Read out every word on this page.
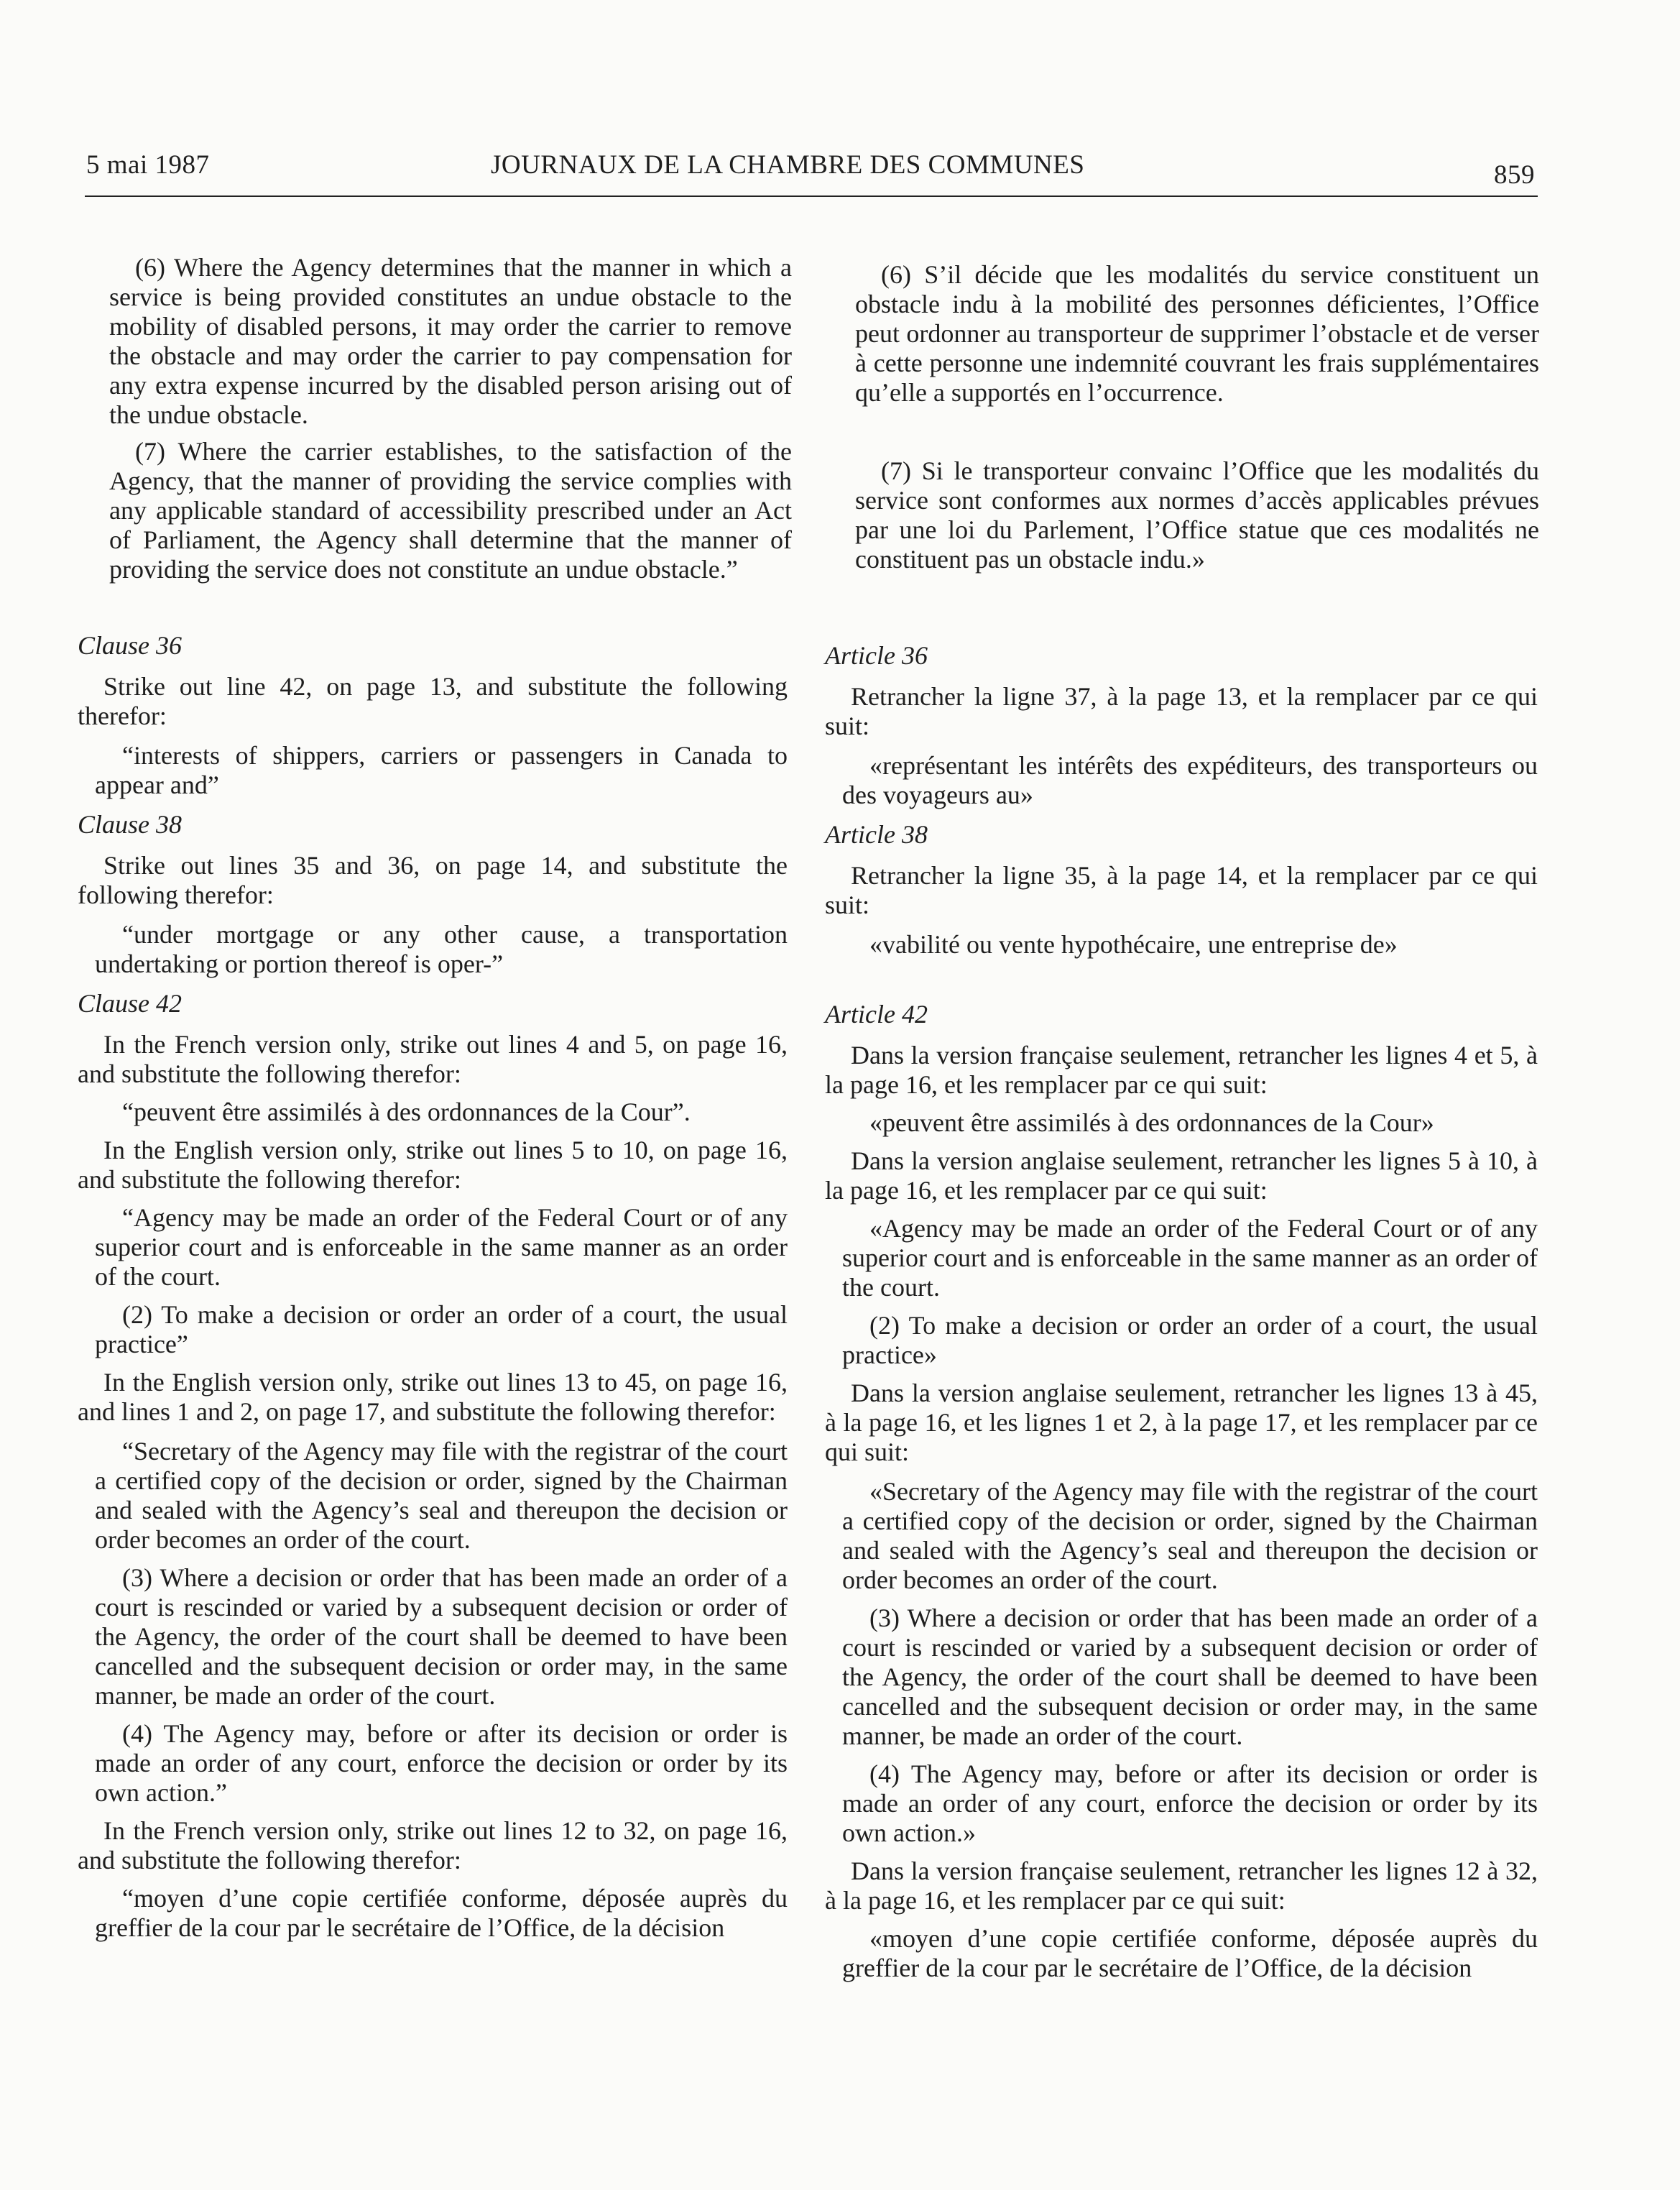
5 mai 1987	JOURNAUX DE LA CHAMBRE DES COMMUNES	859

(6) Where the Agency determines that the manner in which a service is being provided constitutes an undue obstacle to the mobility of disabled persons, it may order the carrier to remove the obstacle and may order the carrier to pay compensation for any extra expense incurred by the disabled person arising out of the undue obstacle.

(7) Where the carrier establishes, to the satisfaction of the Agency, that the manner of providing the service complies with any applicable standard of accessibility prescribed under an Act of Parliament, the Agency shall determine that the manner of providing the service does not constitute an undue obstacle.”

Clause 36

Strike out line 42, on page 13, and substitute the following therefor:

“interests of shippers, carriers or passengers in Canada to appear and”

Clause 38

Strike out lines 35 and 36, on page 14, and substitute the following therefor:

“under mortgage or any other cause, a transportation undertaking or portion thereof is oper-”

Clause 42

In the French version only, strike out lines 4 and 5, on page 16, and substitute the following therefor:

“peuvent être assimilés à des ordonnances de la Cour”.

In the English version only, strike out lines 5 to 10, on page 16, and substitute the following therefor:

“Agency may be made an order of the Federal Court or of any superior court and is enforceable in the same manner as an order of the court.

(2) To make a decision or order an order of a court, the usual practice”

In the English version only, strike out lines 13 to 45, on page 16, and lines 1 and 2, on page 17, and substitute the following therefor:

“Secretary of the Agency may file with the registrar of the court a certified copy of the decision or order, signed by the Chairman and sealed with the Agency’s seal and thereupon the decision or order becomes an order of the court.

(3) Where a decision or order that has been made an order of a court is rescinded or varied by a subsequent decision or order of the Agency, the order of the court shall be deemed to have been cancelled and the subsequent decision or order may, in the same manner, be made an order of the court.

(4) The Agency may, before or after its decision or order is made an order of any court, enforce the decision or order by its own action.”

In the French version only, strike out lines 12 to 32, on page 16, and substitute the following therefor:

“moyen d’une copie certifiée conforme, déposée auprès du greffier de la cour par le secrétaire de l’Office, de la décision

(6) S’il décide que les modalités du service constituent un obstacle indu à la mobilité des personnes déficientes, l’Office peut ordonner au transporteur de supprimer l’obstacle et de verser à cette personne une indemnité couvrant les frais supplémentaires qu’elle a supportés en l’occurrence.

(7) Si le transporteur convainc l’Office que les modalités du service sont conformes aux normes d’accès applicables prévues par une loi du Parlement, l’Office statue que ces modalités ne constituent pas un obstacle indu.»

Article 36

Retrancher la ligne 37, à la page 13, et la remplacer par ce qui suit:

«représentant les intérêts des expéditeurs, des transporteurs ou des voyageurs au»

Article 38

Retrancher la ligne 35, à la page 14, et la remplacer par ce qui suit:

«vabilité ou vente hypothécaire, une entreprise de»

Article 42

Dans la version française seulement, retrancher les lignes 4 et 5, à la page 16, et les remplacer par ce qui suit:

«peuvent être assimilés à des ordonnances de la Cour»

Dans la version anglaise seulement, retrancher les lignes 5 à 10, à la page 16, et les remplacer par ce qui suit:

«Agency may be made an order of the Federal Court or of any superior court and is enforceable in the same manner as an order of the court.

(2) To make a decision or order an order of a court, the usual practice»

Dans la version anglaise seulement, retrancher les lignes 13 à 45, à la page 16, et les lignes 1 et 2, à la page 17, et les remplacer par ce qui suit:

«Secretary of the Agency may file with the registrar of the court a certified copy of the decision or order, signed by the Chairman and sealed with the Agency’s seal and thereupon the decision or order becomes an order of the court.

(3) Where a decision or order that has been made an order of a court is rescinded or varied by a subsequent decision or order of the Agency, the order of the court shall be deemed to have been cancelled and the subsequent decision or order may, in the same manner, be made an order of the court.

(4) The Agency may, before or after its decision or order is made an order of any court, enforce the decision or order by its own action.»

Dans la version française seulement, retrancher les lignes 12 à 32, à la page 16, et les remplacer par ce qui suit:

«moyen d’une copie certifiée conforme, déposée auprès du greffier de la cour par le secrétaire de l’Office, de la décision
